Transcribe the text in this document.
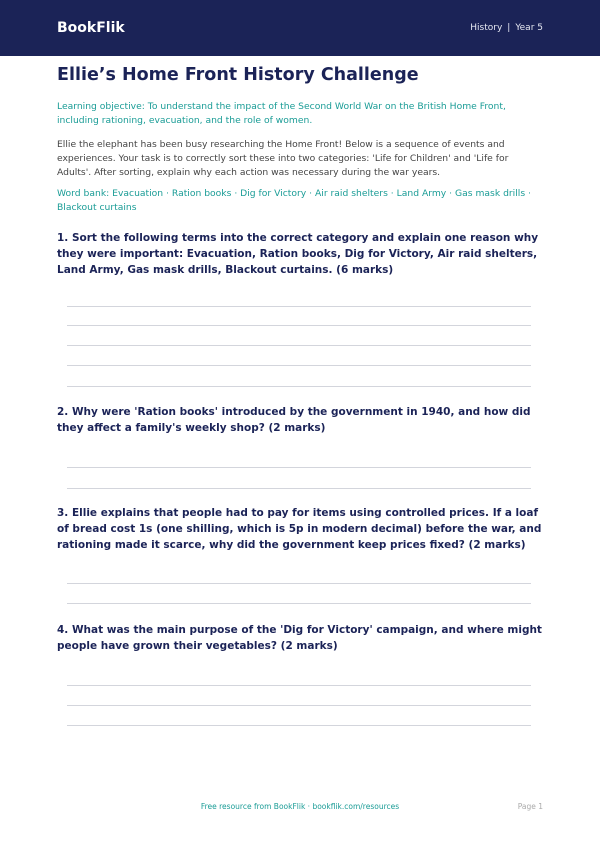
BookFlik	History | Year 5
Ellie’s Home Front History Challenge

Learning objective: To understand the impact of the Second World War on the British Home Front, including rationing, evacuation, and the role of women.

Ellie the elephant has been busy researching the Home Front! Below is a sequence of events and experiences. Your task is to correctly sort these into two categories: 'Life for Children' and 'Life for Adults'. After sorting, explain why each action was necessary during the war years.

Word bank: Evacuation · Ration books · Dig for Victory · Air raid shelters · Land Army · Gas mask drills · Blackout curtains

1. Sort the following terms into the correct category and explain one reason why they were important: Evacuation, Ration books, Dig for Victory, Air raid shelters, Land Army, Gas mask drills, Blackout curtains. (6 marks)
2. Why were 'Ration books' introduced by the government in 1940, and how did they affect a family's weekly shop? (2 marks)
3. Ellie explains that people had to pay for items using controlled prices. If a loaf of bread cost 1s (one shilling, which is 5p in modern decimal) before the war, and rationing made it scarce, why did the government keep prices fixed? (2 marks)
4. What was the main purpose of the 'Dig for Victory' campaign, and where might people have grown their vegetables? (2 marks)
Free resource from BookFlik · bookflik.com/resources	Page 1
